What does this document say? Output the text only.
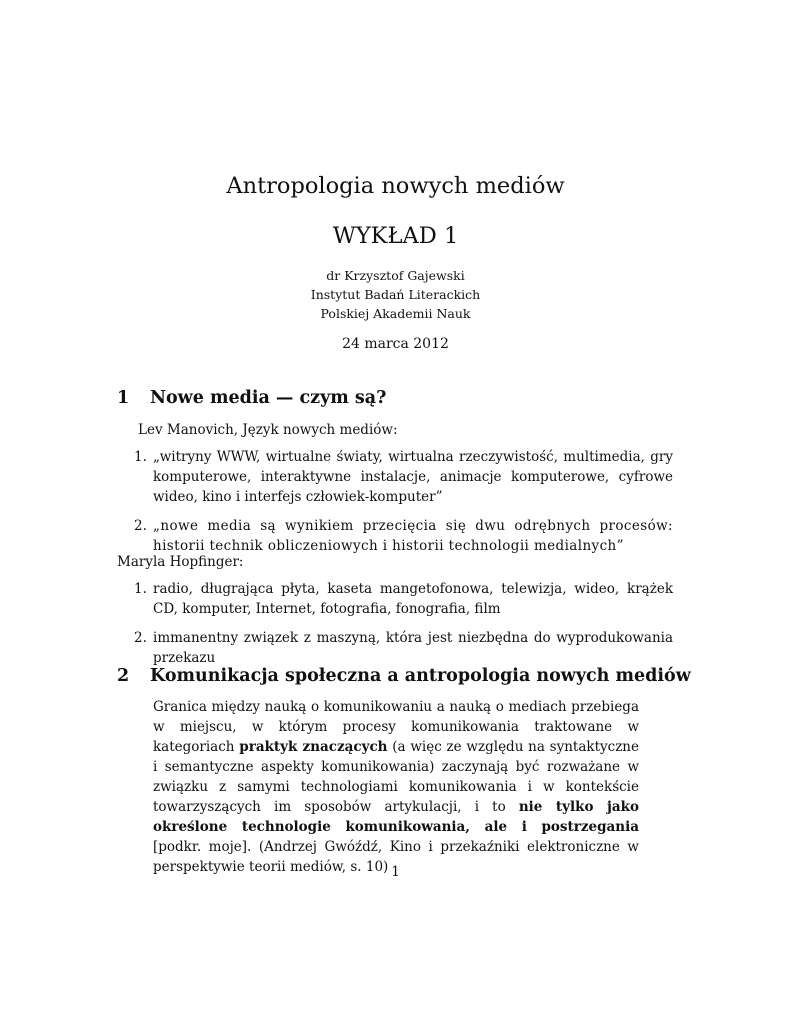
Antropologia nowych mediów
WYKŁAD 1
dr Krzysztof Gajewski
Instytut Badań Literackich
Polskiej Akademii Nauk
24 marca 2012
1 Nowe media — czym są?
Lev Manovich, Język nowych mediów:
1. „witryny WWW, wirtualne światy, wirtualna rzeczywistość, multimedia, gry komputerowe, interaktywne instalacje, animacje komputerowe, cyfrowe wideo, kino i interfejs człowiek-komputer”
2. „nowe media są wynikiem przecięcia się dwu odrębnych procesów: historii technik obliczeniowych i historii technologii medialnych”
Maryla Hopfinger:
1. radio, długrająca płyta, kaseta mangetofonowa, telewizja, wideo, krążek CD, komputer, Internet, fotografia, fonografia, film
2. immanentny związek z maszyną, która jest niezbędna do wyprodukowania przekazu
2 Komunikacja społeczna a antropologia nowych mediów
Granica między nauką o komunikowaniu a nauką o mediach przebiega w miejscu, w którym procesy komunikowania traktowane w kategoriach praktyk znaczących (a więc ze względu na syntaktyczne i semantyczne aspekty komunikowania) zaczynają być rozważane w związku z samymi technologiami komunikowania i w kontekście towarzyszących im sposobów artykulacji, i to nie tylko jako określone technologie komunikowania, ale i postrzegania [podkr. moje]. (Andrzej Gwóźdź, Kino i przekaźniki elektroniczne w perspektywie teorii mediów, s. 10) 1
